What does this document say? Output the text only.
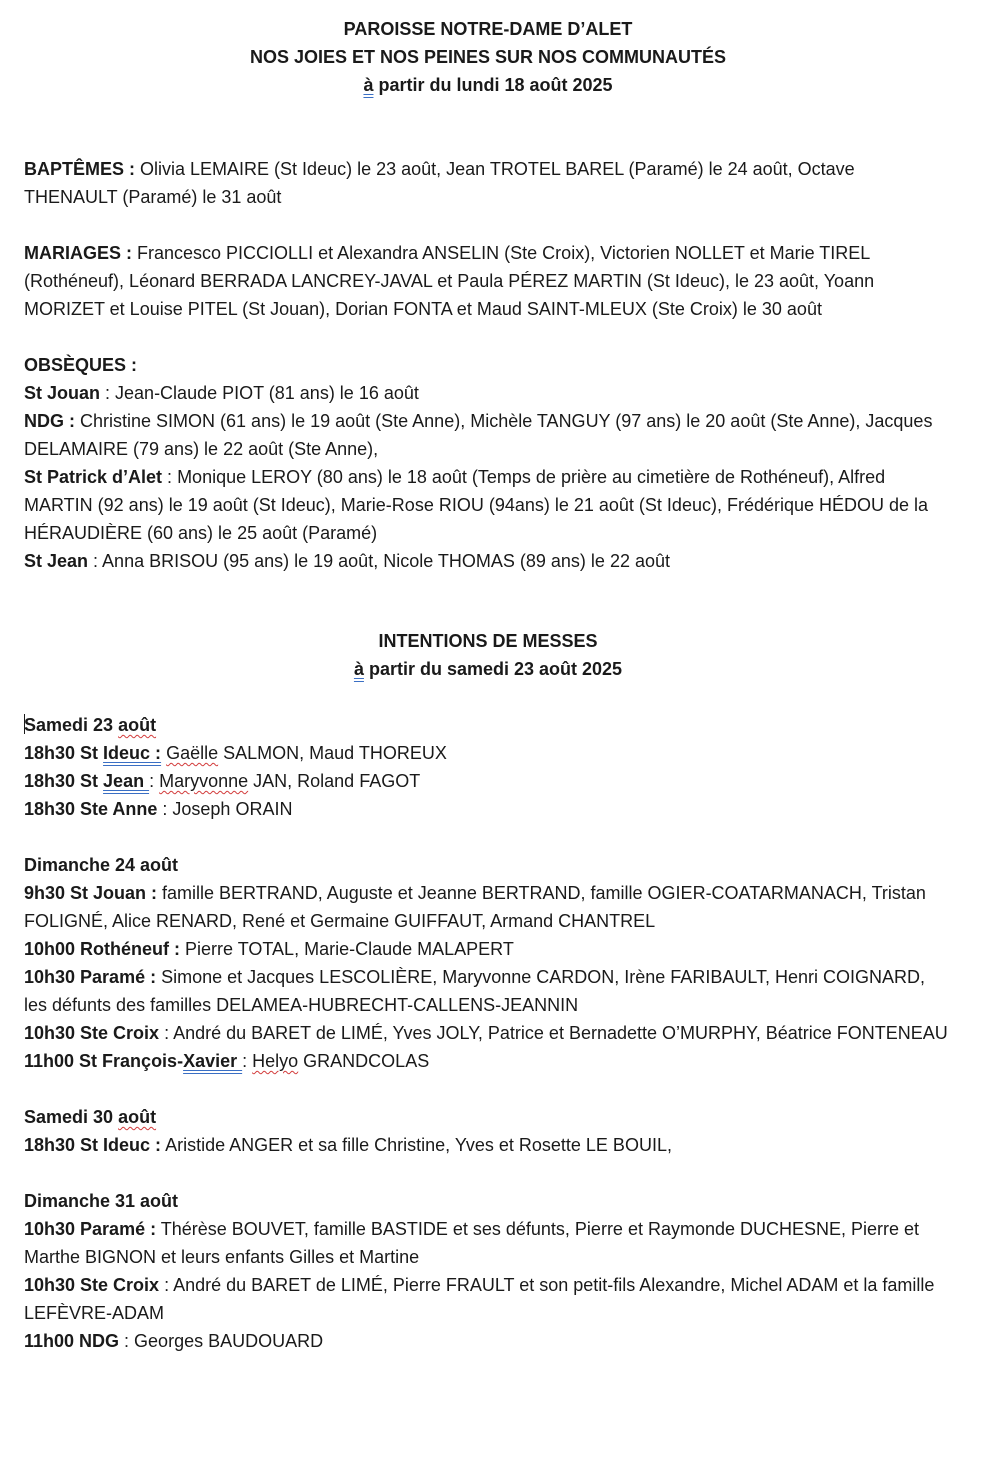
PAROISSE NOTRE-DAME D’ALET
NOS JOIES ET NOS PEINES SUR NOS COMMUNAUTÉS
à partir du lundi 18 août 2025

BAPTÊMES : Olivia LEMAIRE (St Ideuc) le 23 août, Jean TROTEL BAREL (Paramé) le 24 août, Octave THENAULT (Paramé) le 31 août

MARIAGES : Francesco PICCIOLLI et Alexandra ANSELIN (Ste Croix), Victorien NOLLET et Marie TIREL (Rothéneuf), Léonard BERRADA LANCREY-JAVAL et Paula PÉREZ MARTIN (St Ideuc), le 23 août, Yoann MORIZET et Louise PITEL (St Jouan), Dorian FONTA et Maud SAINT-MLEUX (Ste Croix) le 30 août

OBSÈQUES :

St Jouan : Jean-Claude PIOT (81 ans) le 16 août

NDG : Christine SIMON (61 ans) le 19 août (Ste Anne), Michèle TANGUY (97 ans) le 20 août (Ste Anne), Jacques DELAMAIRE (79 ans) le 22 août (Ste Anne),

St Patrick d’Alet : Monique LEROY (80 ans) le 18 août (Temps de prière au cimetière de Rothéneuf), Alfred MARTIN (92 ans) le 19 août (St Ideuc), Marie-Rose RIOU (94ans) le 21 août (St Ideuc), Frédérique HÉDOU de la HÉRAUDIÈRE (60 ans) le 25 août (Paramé)

St Jean : Anna BRISOU (95 ans) le 19 août, Nicole THOMAS (89 ans) le 22 août

INTENTIONS DE MESSES
à partir du samedi 23 août 2025

Samedi 23 août

18h30 St Ideuc : Gaëlle SALMON, Maud THOREUX

18h30 St Jean : Maryvonne JAN, Roland FAGOT

18h30 Ste Anne : Joseph ORAIN

Dimanche 24 août

9h30 St Jouan : famille BERTRAND, Auguste et Jeanne BERTRAND, famille OGIER-COATARMANACH, Tristan FOLIGNÉ, Alice RENARD, René et Germaine GUIFFAUT, Armand CHANTREL

10h00 Rothéneuf : Pierre TOTAL, Marie-Claude MALAPERT

10h30 Paramé : Simone et Jacques LESCOLIÈRE, Maryvonne CARDON, Irène FARIBAULT, Henri COIGNARD, les défunts des familles DELAMEA-HUBRECHT-CALLENS-JEANNIN

10h30 Ste Croix : André du BARET de LIMÉ, Yves JOLY, Patrice et Bernadette O’MURPHY, Béatrice FONTENEAU

11h00 St François-Xavier : Helyo GRANDCOLAS

Samedi 30 août

18h30 St Ideuc : Aristide ANGER et sa fille Christine, Yves et Rosette LE BOUIL,

Dimanche 31 août

10h30 Paramé : Thérèse BOUVET, famille BASTIDE et ses défunts, Pierre et Raymonde DUCHESNE, Pierre et Marthe BIGNON et leurs enfants Gilles et Martine

10h30 Ste Croix : André du BARET de LIMÉ, Pierre FRAULT et son petit-fils Alexandre, Michel ADAM et la famille LEFÈVRE-ADAM

11h00 NDG : Georges BAUDOUARD
